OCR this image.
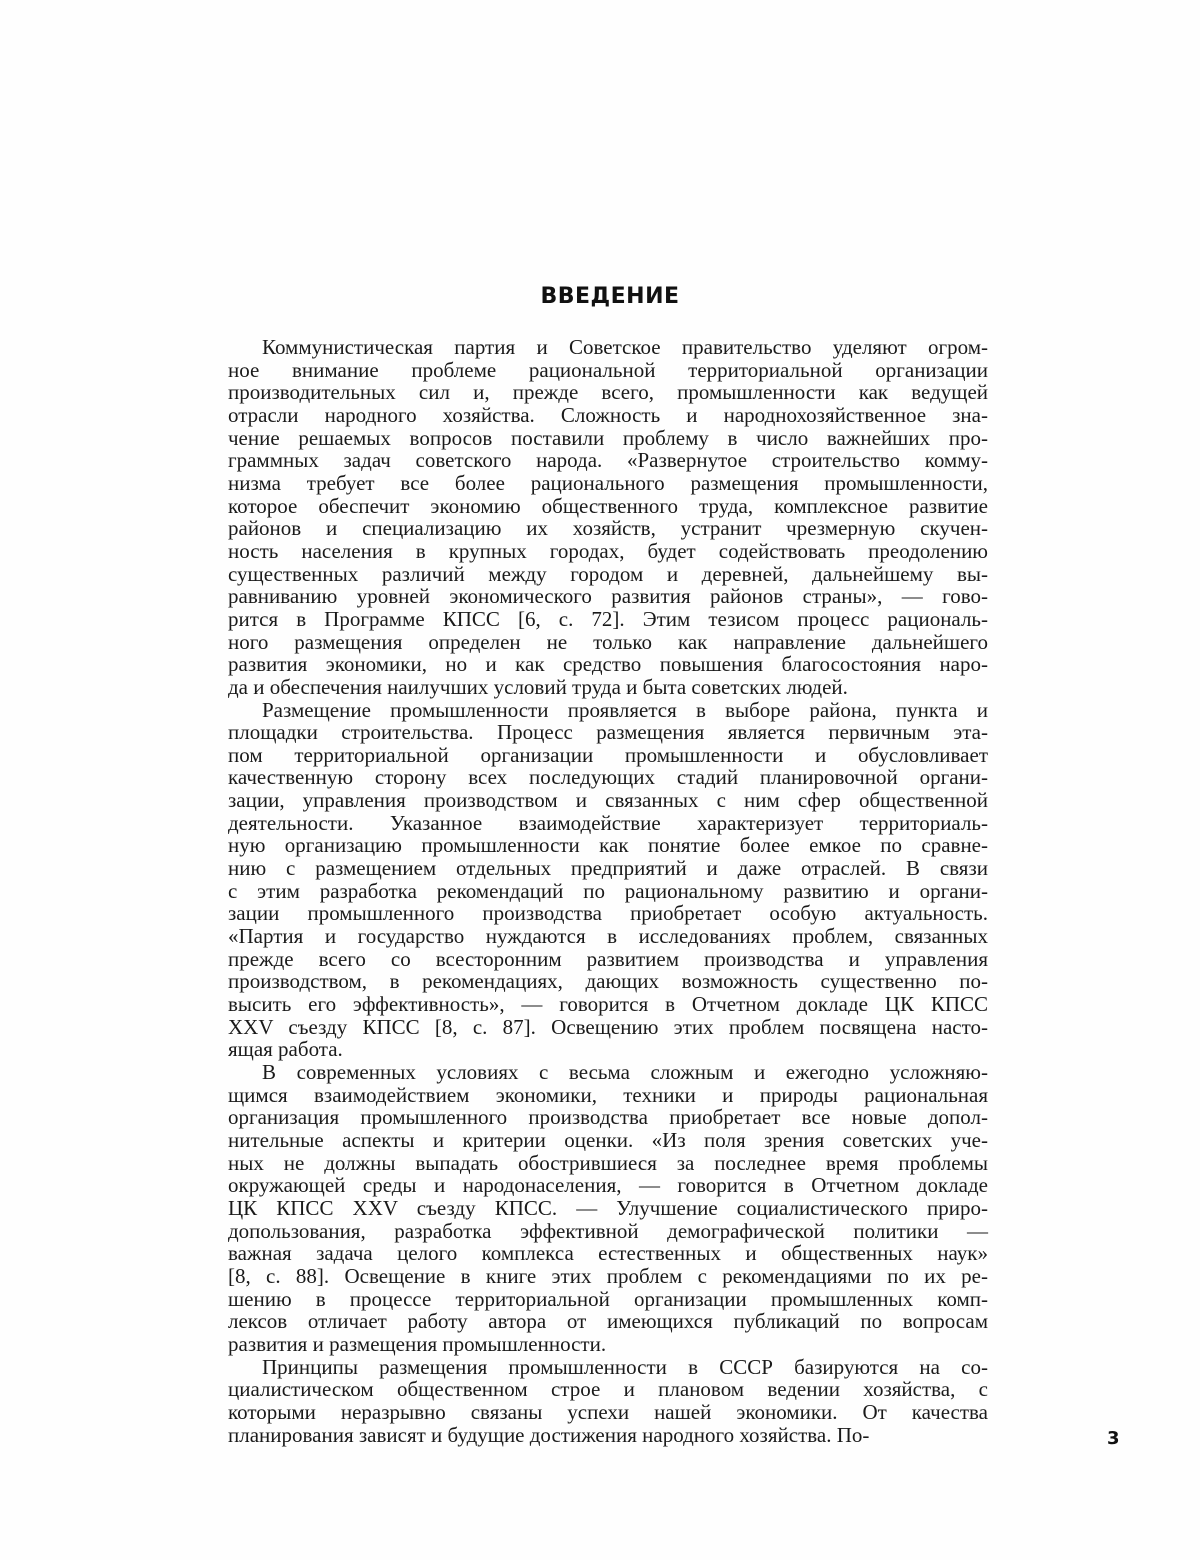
ВВЕДЕНИЕ
Коммунистическая партия и Советское правительство уделяют огром-
ное внимание проблеме рациональной территориальной организации
производительных сил и, прежде всего, промышленности как ведущей
отрасли народного хозяйства. Сложность и народнохозяйственное зна-
чение решаемых вопросов поставили проблему в число важнейших про-
граммных задач советского народа. «Развернутое строительство комму-
низма требует все более рационального размещения промышленности,
которое обеспечит экономию общественного труда, комплексное развитие
районов и специализацию их хозяйств, устранит чрезмерную скучен-
ность населения в крупных городах, будет содействовать преодолению
существенных различий между городом и деревней, дальнейшему вы-
равниванию уровней экономического развития районов страны», — гово-
рится в Программе КПСС [6, с. 72]. Этим тезисом процесс рациональ-
ного размещения определен не только как направление дальнейшего
развития экономики, но и как средство повышения благосостояния наро-
да и обеспечения наилучших условий труда и быта советских людей.
Размещение промышленности проявляется в выборе района, пункта и
площадки строительства. Процесс размещения является первичным эта-
пом территориальной организации промышленности и обусловливает
качественную сторону всех последующих стадий планировочной органи-
зации, управления производством и связанных с ним сфер общественной
деятельности. Указанное взаимодействие характеризует территориаль-
ную организацию промышленности как понятие более емкое по сравне-
нию с размещением отдельных предприятий и даже отраслей. В связи
с этим разработка рекомендаций по рациональному развитию и органи-
зации промышленного производства приобретает особую актуальность.
«Партия и государство нуждаются в исследованиях проблем, связанных
прежде всего со всесторонним развитием производства и управления
производством, в рекомендациях, дающих возможность существенно по-
высить его эффективность», — говорится в Отчетном докладе ЦК КПСС
XXV съезду КПСС [8, с. 87]. Освещению этих проблем посвящена насто-
ящая работа.
В современных условиях с весьма сложным и ежегодно усложняю-
щимся взаимодействием экономики, техники и природы рациональная
организация промышленного производства приобретает все новые допол-
нительные аспекты и критерии оценки. «Из поля зрения советских уче-
ных не должны выпадать обострившиеся за последнее время проблемы
окружающей среды и народонаселения, — говорится в Отчетном докладе
ЦК КПСС XXV съезду КПСС. — Улучшение социалистического приро-
допользования, разработка эффективной демографической политики —
важная задача целого комплекса естественных и общественных наук»
[8, с. 88]. Освещение в книге этих проблем с рекомендациями по их ре-
шению в процессе территориальной организации промышленных комп-
лексов отличает работу автора от имеющихся публикаций по вопросам
развития и размещения промышленности.
Принципы размещения промышленности в СССР базируются на со-
циалистическом общественном строе и плановом ведении хозяйства, с
которыми неразрывно связаны успехи нашей экономики. От качества
планирования зависят и будущие достижения народного хозяйства. По-	3
